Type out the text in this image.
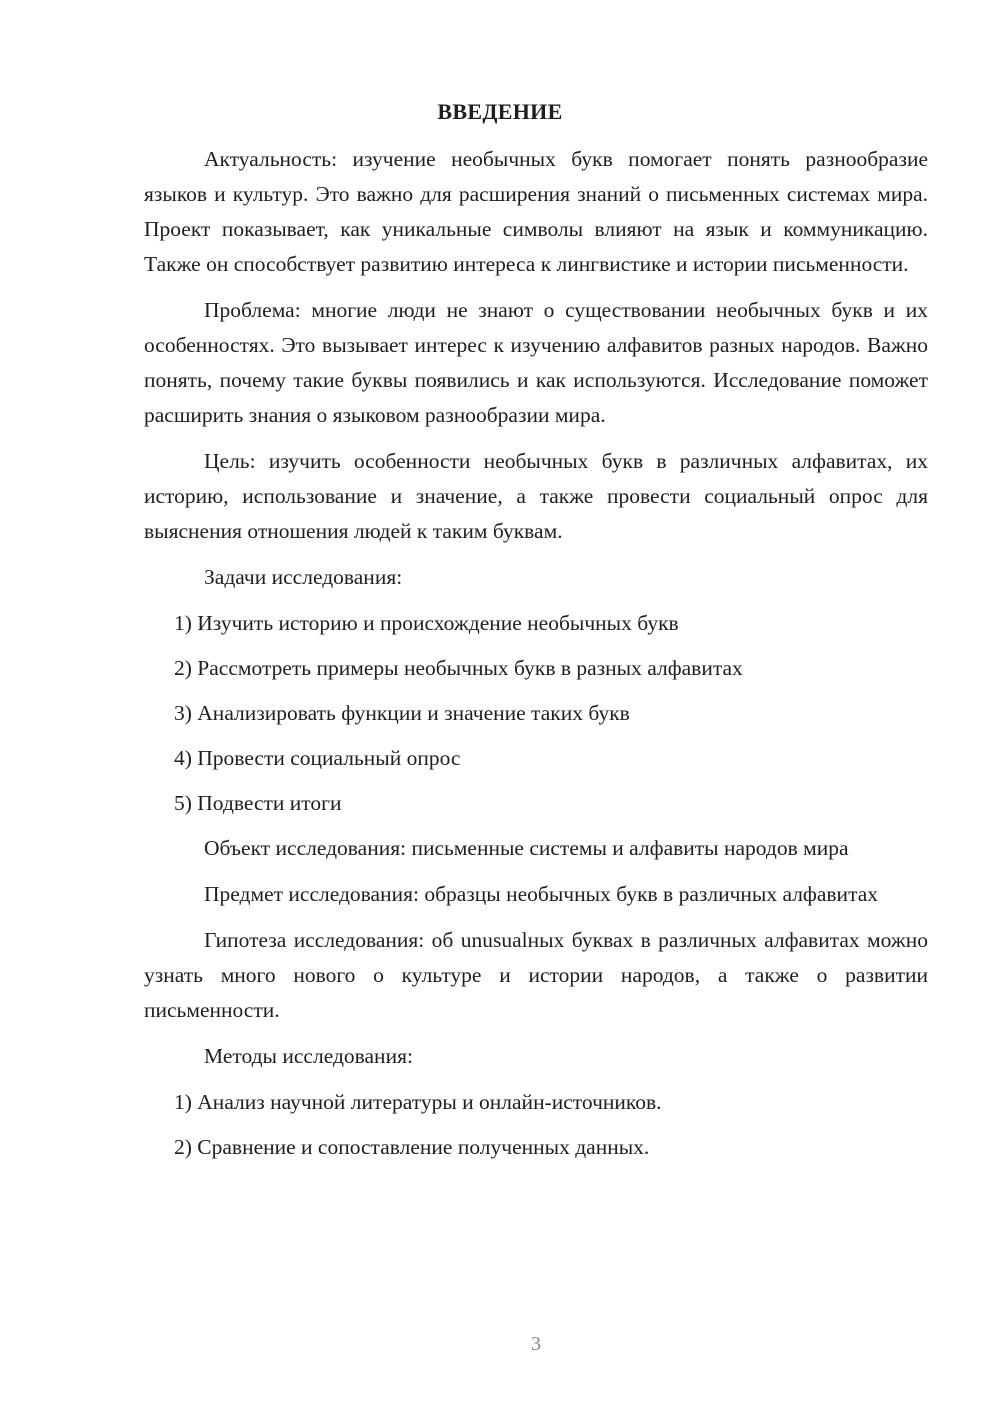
ВВЕДЕНИЕ

Актуальность: изучение необычных букв помогает понять разнообразие языков и культур. Это важно для расширения знаний о письменных системах мира. Проект показывает, как уникальные символы влияют на язык и коммуникацию. Также он способствует развитию интереса к лингвистике и истории письменности.

Проблема: многие люди не знают о существовании необычных букв и их особенностях. Это вызывает интерес к изучению алфавитов разных народов. Важно понять, почему такие буквы появились и как используются. Исследование поможет расширить знания о языковом разнообразии мира.

Цель: изучить особенности необычных букв в различных алфавитах, их историю, использование и значение, а также провести социальный опрос для выяснения отношения людей к таким буквам.

Задачи исследования:

1) Изучить историю и происхождение необычных букв

2) Рассмотреть примеры необычных букв в разных алфавитах

3) Анализировать функции и значение таких букв

4) Провести социальный опрос

5) Подвести итоги

Объект исследования: письменные системы и алфавиты народов мира

Предмет исследования: образцы необычных букв в различных алфавитах

Гипотеза исследования: об unusualных буквах в различных алфавитах можно узнать много нового о культуре и истории народов, а также о развитии письменности.

Методы исследования:

1) Анализ научной литературы и онлайн-источников.

2) Сравнение и сопоставление полученных данных.

3
